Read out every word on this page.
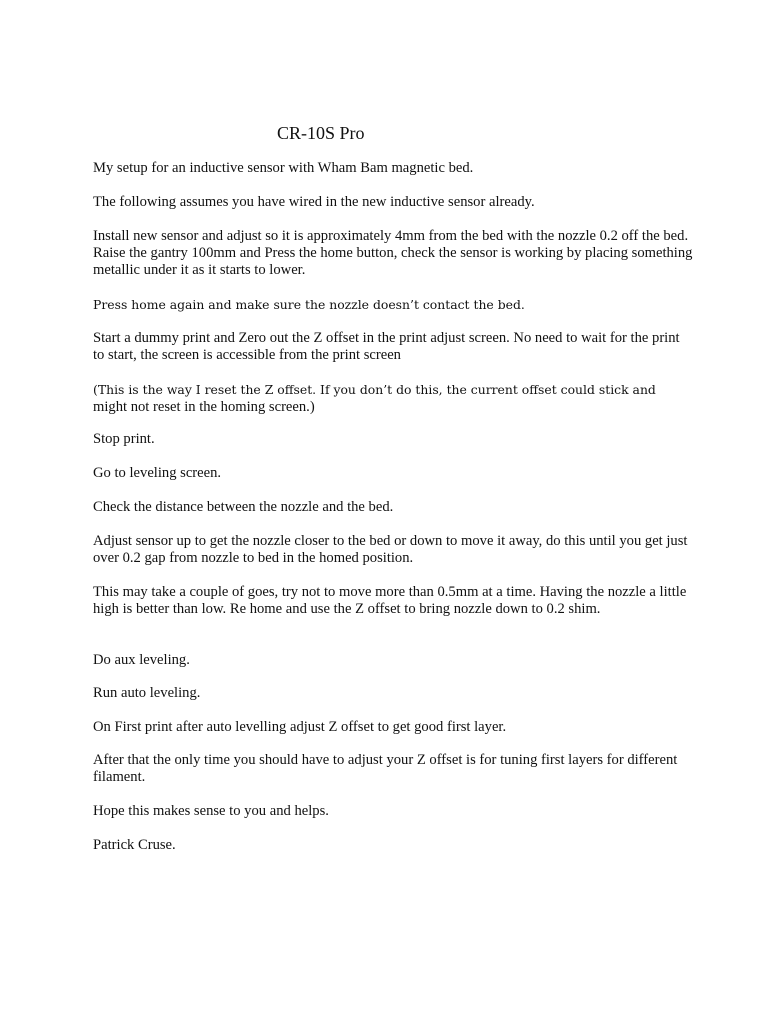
CR-10S Pro

My setup for an inductive sensor with Wham Bam magnetic bed.

The following assumes you have wired in the new inductive sensor already.

Install new sensor and adjust so it is approximately 4mm from the bed with the nozzle 0.2 off the bed. Raise the gantry 100mm and Press the home button, check the sensor is working by placing something metallic under it as it starts to lower.

Press home again and make sure the nozzle doesn’t contact the bed.

Start a dummy print and Zero out the Z offset in the print adjust screen. No need to wait for the print to start, the screen is accessible from the print screen

(This is the way I reset the Z offset. If you don’t do this, the current offset could stick and
might not reset in the homing screen.)

Stop print.

Go to leveling screen.

Check the distance between the nozzle and the bed.

Adjust sensor up to get the nozzle closer to the bed or down to move it away, do this until you get just over 0.2 gap from nozzle to bed in the homed position.

This may take a couple of goes, try not to move more than 0.5mm at a time. Having the nozzle a little high is better than low. Re home and use the Z offset to bring nozzle down to 0.2 shim.

Do aux leveling.

Run auto leveling.

On First print after auto levelling adjust Z offset to get good first layer.

After that the only time you should have to adjust your Z offset is for tuning first layers for different filament.

Hope this makes sense to you and helps.

Patrick Cruse.
